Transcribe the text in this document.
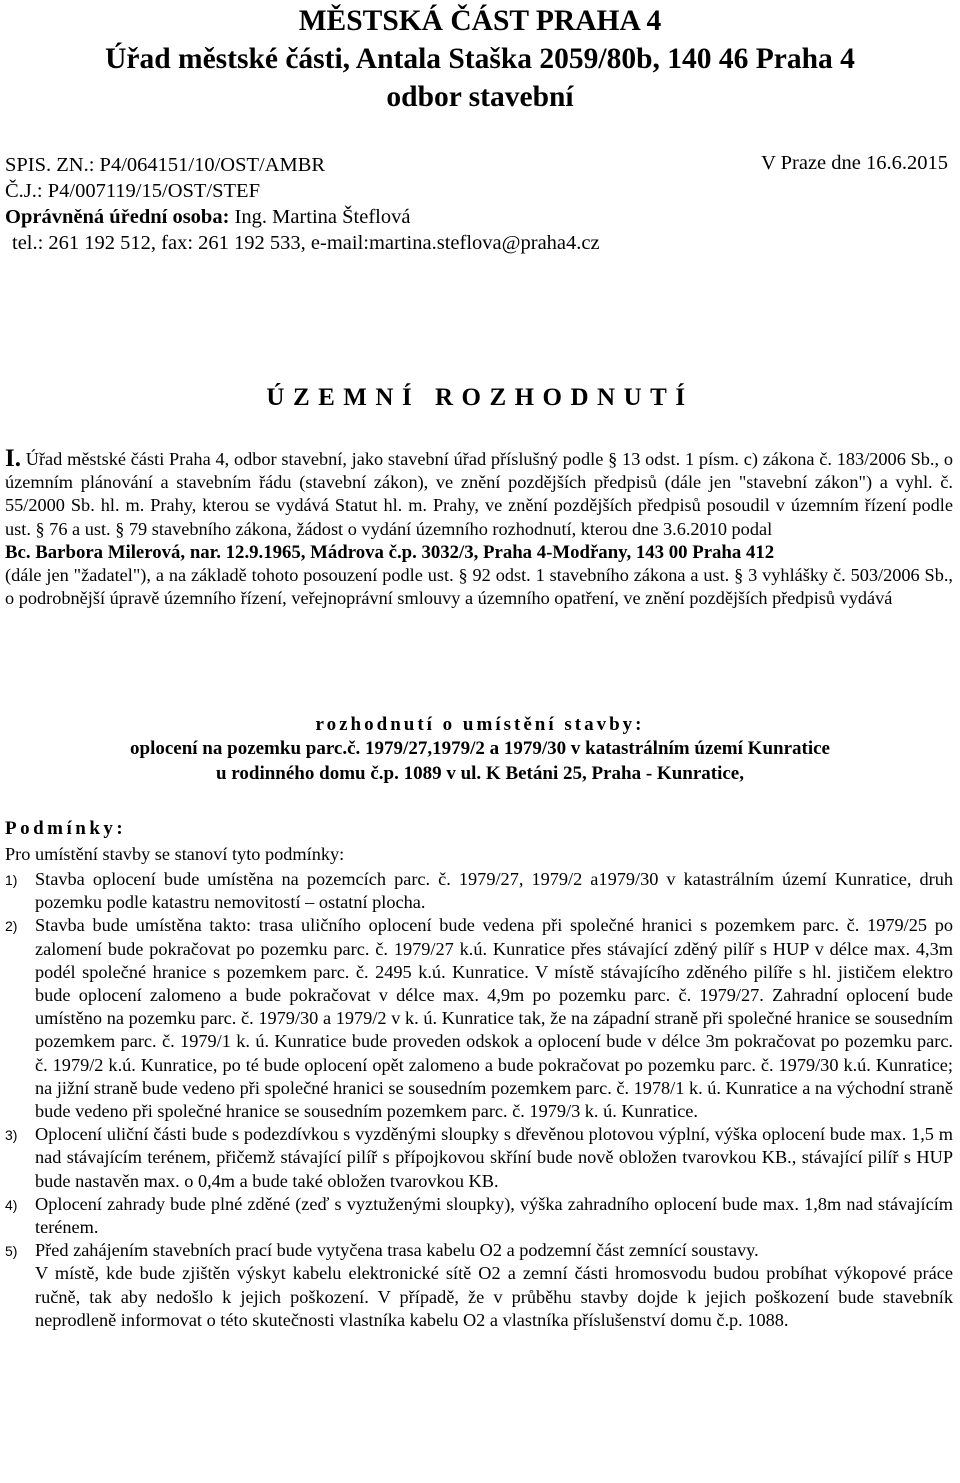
MĚSTSKÁ ČÁST PRAHA 4
Úřad městské části, Antala Staška 2059/80b, 140 46 Praha 4
odbor stavební
SPIS. ZN.: P4/064151/10/OST/AMBR	V Praze dne 16.6.2015
Č.J.: P4/007119/15/OST/STEF
Oprávněná úřední osoba: Ing. Martina Šteflová
tel.: 261 192 512, fax: 261 192 533, e-mail:martina.steflova@praha4.cz
ÚZEMNÍ ROZHODNUTÍ
I. Úřad městské části Praha 4, odbor stavební, jako stavební úřad příslušný podle § 13 odst. 1 písm. c) zákona č. 183/2006 Sb., o územním plánování a stavebním řádu (stavební zákon), ve znění pozdějších předpisů (dále jen "stavební zákon") a vyhl. č. 55/2000 Sb. hl. m. Prahy, kterou se vydává Statut hl. m. Prahy, ve znění pozdějších předpisů posoudil v územním řízení podle ust. § 76 a ust. § 79 stavebního zákona, žádost o vydání územního rozhodnutí, kterou dne 3.6.2010 podal
Bc. Barbora Milerová, nar. 12.9.1965, Mádrova č.p. 3032/3, Praha 4-Modřany, 143 00 Praha 412
(dále jen "žadatel"), a na základě tohoto posouzení podle ust. § 92 odst. 1 stavebního zákona a ust. § 3 vyhlášky č. 503/2006 Sb., o podrobnější úpravě územního řízení, veřejnoprávní smlouvy a územního opatření, ve znění pozdějších předpisů vydává
rozhodnutí o umístění stavby:
oplocení na pozemku parc.č. 1979/27,1979/2 a 1979/30 v katastrálním území Kunratice
u rodinného domu č.p. 1089 v ul. K Betáni 25, Praha - Kunratice,
Podmínky:
Pro umístění stavby se stanoví tyto podmínky:
1) Stavba oplocení bude umístěna na pozemcích parc. č. 1979/27, 1979/2 a1979/30 v katastrálním území Kunratice, druh pozemku podle katastru nemovitostí – ostatní plocha.
2) Stavba bude umístěna takto: trasa uličního oplocení bude vedena při společné hranici s pozemkem parc. č. 1979/25 po zalomení bude pokračovat po pozemku parc. č. 1979/27 k.ú. Kunratice přes stávající zděný pilíř s HUP v délce max. 4,3m podél společné hranice s pozemkem parc. č. 2495 k.ú. Kunratice. V místě stávajícího zděného pilíře s hl. jističem elektro bude oplocení zalomeno a bude pokračovat v délce max. 4,9m po pozemku parc. č. 1979/27. Zahradní oplocení bude umístěno na pozemku parc. č. 1979/30 a 1979/2 v k. ú. Kunratice tak, že na západní straně při společné hranice se sousedním pozemkem parc. č. 1979/1 k. ú. Kunratice bude proveden odskok a oplocení bude v délce 3m pokračovat po pozemku parc. č. 1979/2 k.ú. Kunratice, po té bude oplocení opět zalomeno a bude pokračovat po pozemku parc. č. 1979/30 k.ú. Kunratice; na jižní straně bude vedeno při společné hranici se sousedním pozemkem parc. č. 1978/1 k. ú. Kunratice a na východní straně bude vedeno při společné hranice se sousedním pozemkem parc. č. 1979/3 k. ú. Kunratice.
3) Oplocení uliční části bude s podezdívkou s vyzděnými sloupky s dřevěnou plotovou výplní, výška oplocení bude max. 1,5 m nad stávajícím terénem, přičemž stávající pilíř s přípojkovou skříní bude nově obložen tvarovkou KB., stávající pilíř s HUP bude nastavěn max. o 0,4m a bude také obložen tvarovkou KB.
4) Oplocení zahrady bude plné zděné (zeď s vyztuženými sloupky), výška zahradního oplocení bude max. 1,8m nad stávajícím terénem.
5) Před zahájením stavebních prací bude vytyčena trasa kabelu O2 a podzemní část zemnící soustavy.
V místě, kde bude zjištěn výskyt kabelu elektronické sítě O2 a zemní části hromosvodu budou probíhat výkopové práce ručně, tak aby nedošlo k jejich poškození. V případě, že v průběhu stavby dojde k jejich poškození bude stavebník neprodleně informovat o této skutečnosti vlastníka kabelu O2 a vlastníka příslušenství domu č.p. 1088.
